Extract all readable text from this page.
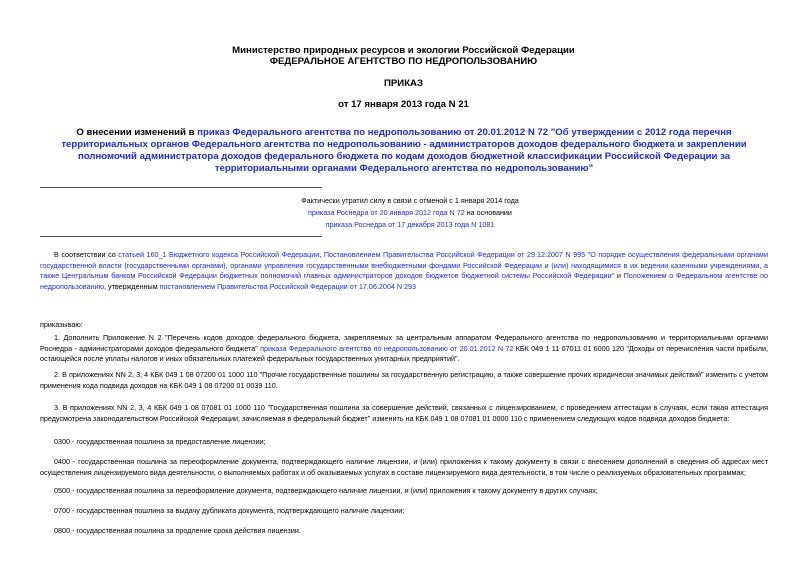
Министерство природных ресурсов и экологии Российской Федерации
ФЕДЕРАЛЬНОЕ АГЕНТСТВО ПО НЕДРОПОЛЬЗОВАНИЮ
ПРИКАЗ
от 17 января 2013 года N 21
О внесении изменений в приказ Федерального агентства по недропользованию от 20.01.2012 N 72 "Об утверждении с 2012 года перечня территориальных органов Федерального агентства по недропользованию - администраторов доходов федерального бюджета и закреплении полномочий администратора доходов федерального бюджета по кодам доходов бюджетной классификации Российской Федерации за территориальными органами Федерального агентства по недропользованию"
Фактически утратил силу в связи с отменой с 1 января 2014 года
приказа Роснедра от 20 января 2012 года N 72 на основании
приказа Роснедра от 17 декабря 2013 года N 1081
В соответствии со статьей 160_1 Бюджетного кодекса Российской Федерации, Постановлением Правительства Российской Федерации от 29.12.2007 N 995 "О порядке осуществления федеральными органами государственной власти (государственными органами), органами управления государственными внебюджетными фондами Российской Федерации и (или) находящимися в их ведении казенными учреждениями, а также Центральным банком Российской Федерации бюджетных полномочий главных администраторов доходов бюджетов бюджетной системы Российской Федерации" и Положением о Федеральном агентстве по недропользованию, утвержденным постановлением Правительства Российской Федерации от 17.06.2004 N 293
приказываю:
1. Дополнить Приложение N 2 "Перечень кодов доходов федерального бюджета, закрепляемых за центральным аппаратом Федерального агентства по недропользованию и территориальными органами Роснедра - администраторами доходов федерального бюджета" приказа Федерального агентства по недропользованию от 20.01.2012 N 72 КБК 049 1 11 07011 01 6000 120 "Доходы от перечисления части прибыли, остающейся после уплаты налогов и иных обязательных платежей федеральных государственных унитарных предприятий".
2. В приложениях NN 2, 3, 4 КБК 049 1 08 07200 01 1000 110 "Прочие государственные пошлины за государственную регистрацию, а также совершение прочих юридически значимых действий" изменить с учетом применения кода подвида доходов на КБК 049 1 08 07200 01 0039 110.
3. В приложениях NN 2, 3, 4 КБК 049 1 08 07081 01 1000 110 "Государственная пошлина за совершение действий, связанных с лицензированием, с проведением аттестации в случаях, если такая аттестация предусмотрена законодательством Российской Федерации, зачисляемая в федеральный бюджет" изменить на КБК 049 1 08 07081 01 0000 110 с применением следующих кодов подвида доходов бюджета:
0300 - государственная пошлина за предоставление лицензии;
0400 - государственная пошлина за переоформление документа, подтверждающего наличие лицензии, и (или) приложения к такому документу в связи с внесением дополнений в сведения об адресах мест осуществления лицензируемого вида деятельности, о выполняемых работах и об оказываемых услугах в составе лицензируемого вида деятельности, в том числе о реализуемых образовательных программах;
0500 - государственная пошлина за переоформление документа, подтверждающего наличие лицензии, и (или) приложения к такому документу в других случаях;
0700 - государственная пошлина за выдачу дубликата документа, подтверждающего наличие лицензии;
0800 - государственная пошлина за продление срока действия лицензии.
